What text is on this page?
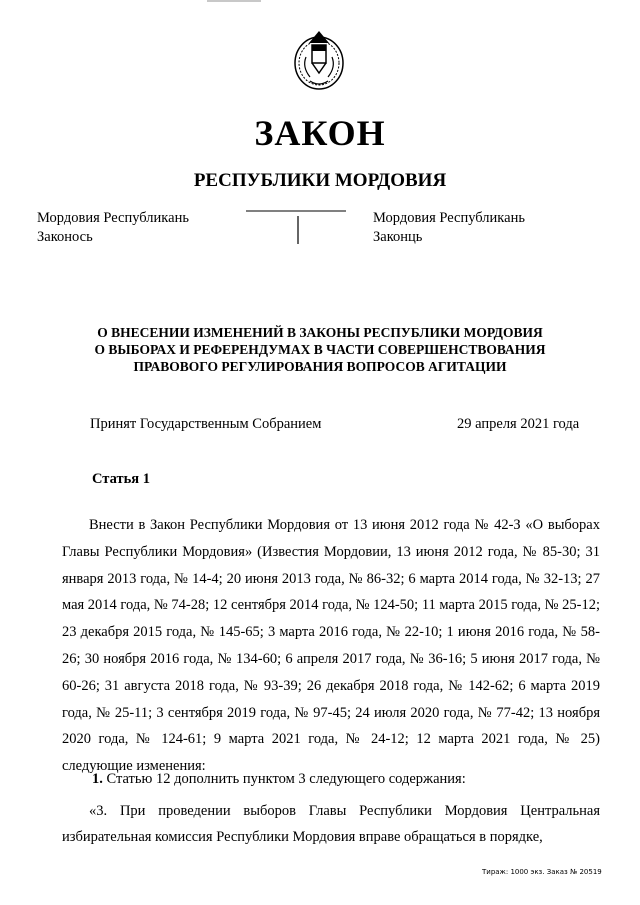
ЗАКОН
РЕСПУБЛИКИ МОРДОВИЯ
Мордовия Республикань
Законось
Мордовия Республикань
Законць
О ВНЕСЕНИИ ИЗМЕНЕНИЙ В ЗАКОНЫ РЕСПУБЛИКИ МОРДОВИЯ
О ВЫБОРАХ И РЕФЕРЕНДУМАХ В ЧАСТИ СОВЕРШЕНСТВОВАНИЯ
ПРАВОВОГО РЕГУЛИРОВАНИЯ ВОПРОСОВ АГИТАЦИИ
Принят Государственным Собранием	29 апреля 2021 года
Статья 1
Внести в Закон Республики Мордовия от 13 июня 2012 года № 42-З «О выборах Главы Республики Мордовия» (Известия Мордовии, 13 июня 2012 года, № 85-30; 31 января 2013 года, № 14-4; 20 июня 2013 года, № 86-32; 6 марта 2014 года, № 32-13; 27 мая 2014 года, № 74-28; 12 сентября 2014 года, № 124-50; 11 марта 2015 года, № 25-12; 23 декабря 2015 года, № 145-65; 3 марта 2016 года, № 22-10; 1 июня 2016 года, № 58-26; 30 ноября 2016 года, № 134-60; 6 апреля 2017 года, № 36-16; 5 июня 2017 года, № 60-26; 31 августа 2018 года, № 93-39; 26 декабря 2018 года, № 142-62; 6 марта 2019 года, № 25-11; 3 сентября 2019 года, № 97-45; 24 июля 2020 года, № 77-42; 13 ноября 2020 года, № 124-61; 9 марта 2021 года, № 24-12; 12 марта 2021 года, № 25) следующие изменения:
1. Статью 12 дополнить пунктом 3 следующего содержания:
«3. При проведении выборов Главы Республики Мордовия Центральная избирательная комиссия Республики Мордовия вправе обращаться в порядке,
Тираж: 1000 экз. Заказ № 20519
